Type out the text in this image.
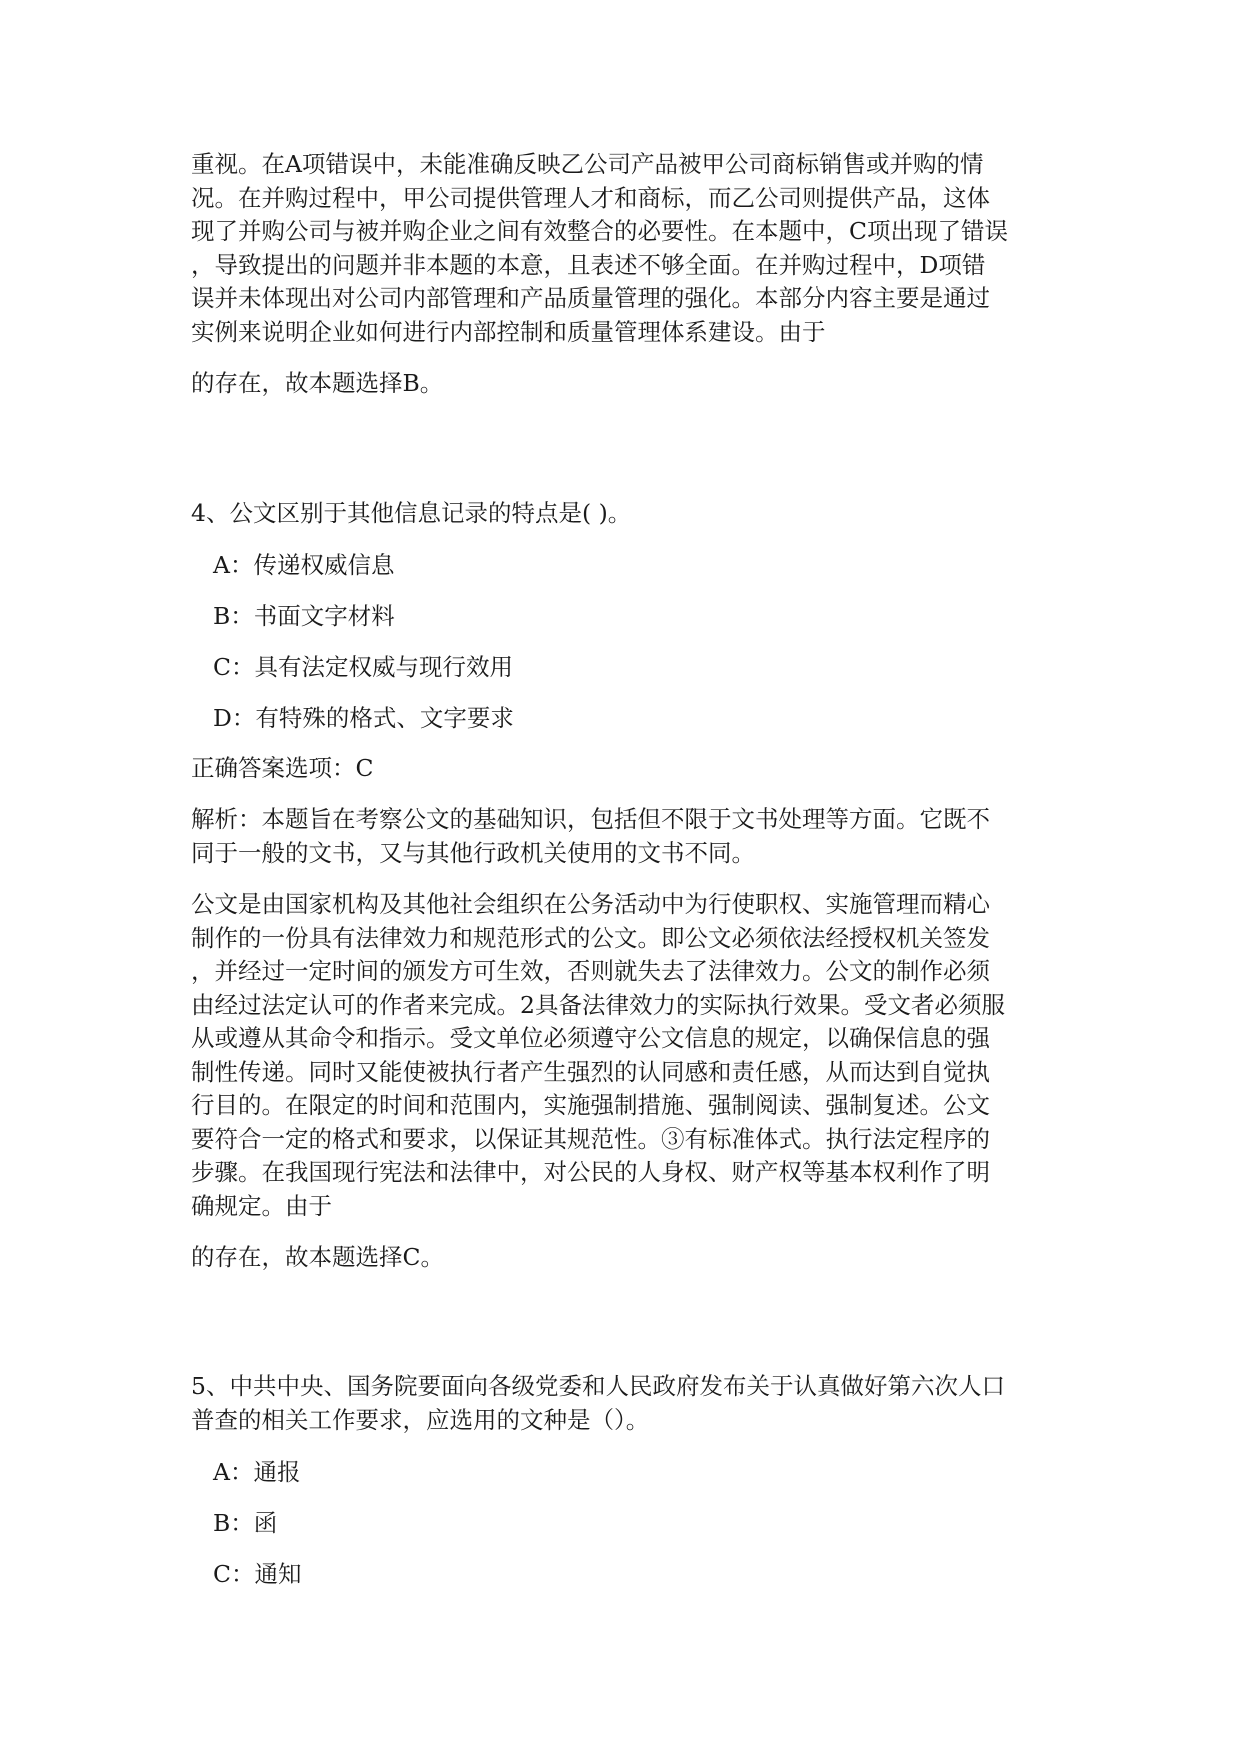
重视。在A项错误中，未能准确反映乙公司产品被甲公司商标销售或并购的情
况。在并购过程中，甲公司提供管理人才和商标，而乙公司则提供产品，这体
现了并购公司与被并购企业之间有效整合的必要性。在本题中，C项出现了错误
，导致提出的问题并非本题的本意，且表述不够全面。在并购过程中，D项错
误并未体现出对公司内部管理和产品质量管理的强化。本部分内容主要是通过
实例来说明企业如何进行内部控制和质量管理体系建设。由于
的存在，故本题选择B。
4、公文区别于其他信息记录的特点是( )。
A：传递权威信息
B：书面文字材料
C：具有法定权威与现行效用
D：有特殊的格式、文字要求
正确答案选项：C
解析：本题旨在考察公文的基础知识，包括但不限于文书处理等方面。它既不
同于一般的文书，又与其他行政机关使用的文书不同。
公文是由国家机构及其他社会组织在公务活动中为行使职权、实施管理而精心
制作的一份具有法律效力和规范形式的公文。即公文必须依法经授权机关签发
，并经过一定时间的颁发方可生效，否则就失去了法律效力。公文的制作必须
由经过法定认可的作者来完成。2具备法律效力的实际执行效果。受文者必须服
从或遵从其命令和指示。受文单位必须遵守公文信息的规定，以确保信息的强
制性传递。同时又能使被执行者产生强烈的认同感和责任感，从而达到自觉执
行目的。在限定的时间和范围内，实施强制措施、强制阅读、强制复述。公文
要符合一定的格式和要求，以保证其规范性。③有标准体式。执行法定程序的
步骤。在我国现行宪法和法律中，对公民的人身权、财产权等基本权利作了明
确规定。由于
的存在，故本题选择C。
5、中共中央、国务院要面向各级党委和人民政府发布关于认真做好第六次人口
普查的相关工作要求，应选用的文种是（）。
A：通报
B：函
C：通知
